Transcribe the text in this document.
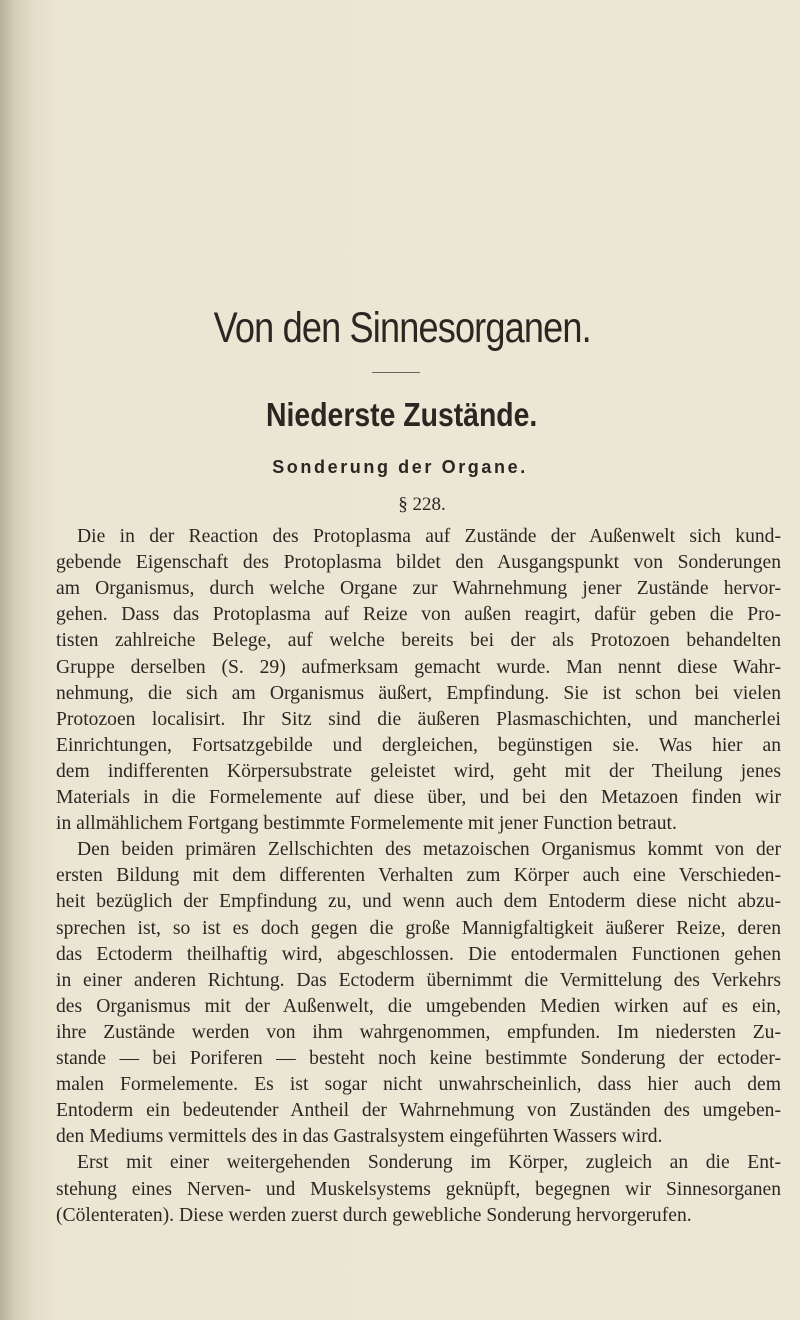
Von den Sinnesorganen.
Niederste Zustände.
Sonderung der Organe.
§ 228.
Die in der Reaction des Protoplasma auf Zustände der Außenwelt sich kund-
gebende Eigenschaft des Protoplasma bildet den Ausgangspunkt von Sonderungen
am Organismus, durch welche Organe zur Wahrnehmung jener Zustände hervor-
gehen. Dass das Protoplasma auf Reize von außen reagirt, dafür geben die Pro-
tisten zahlreiche Belege, auf welche bereits bei der als Protozoen behandelten
Gruppe derselben (S. 29) aufmerksam gemacht wurde. Man nennt diese Wahr-
nehmung, die sich am Organismus äußert, Empfindung. Sie ist schon bei vielen
Protozoen localisirt. Ihr Sitz sind die äußeren Plasmaschichten, und mancherlei
Einrichtungen, Fortsatzgebilde und dergleichen, begünstigen sie. Was hier an
dem indifferenten Körpersubstrate geleistet wird, geht mit der Theilung jenes
Materials in die Formelemente auf diese über, und bei den Metazoen finden wir
in allmählichem Fortgang bestimmte Formelemente mit jener Function betraut.
Den beiden primären Zellschichten des metazoischen Organismus kommt von der
ersten Bildung mit dem differenten Verhalten zum Körper auch eine Verschieden-
heit bezüglich der Empfindung zu, und wenn auch dem Entoderm diese nicht abzu-
sprechen ist, so ist es doch gegen die große Mannigfaltigkeit äußerer Reize, deren
das Ectoderm theilhaftig wird, abgeschlossen. Die entodermalen Functionen gehen
in einer anderen Richtung. Das Ectoderm übernimmt die Vermittelung des Verkehrs
des Organismus mit der Außenwelt, die umgebenden Medien wirken auf es ein,
ihre Zustände werden von ihm wahrgenommen, empfunden. Im niedersten Zu-
stande — bei Poriferen — besteht noch keine bestimmte Sonderung der ectoder-
malen Formelemente. Es ist sogar nicht unwahrscheinlich, dass hier auch dem
Entoderm ein bedeutender Antheil der Wahrnehmung von Zuständen des umgeben-
den Mediums vermittels des in das Gastralsystem eingeführten Wassers wird.
Erst mit einer weitergehenden Sonderung im Körper, zugleich an die Ent-
stehung eines Nerven- und Muskelsystems geknüpft, begegnen wir Sinnesorganen
(Cölenteraten). Diese werden zuerst durch gewebliche Sonderung hervorgerufen.
